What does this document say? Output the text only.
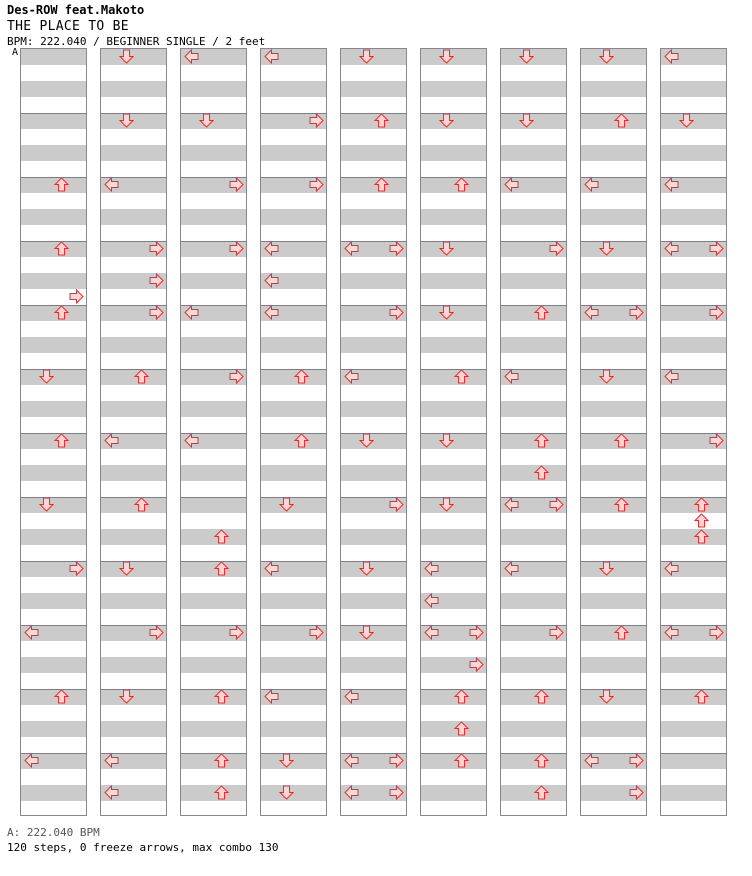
Des-ROW feat.Makoto
THE PLACE TO BE
BPM: 222.040 / BEGINNER SINGLE / 2 feet
A
A: 222.040 BPM
120 steps, 0 freeze arrows, max combo 130
